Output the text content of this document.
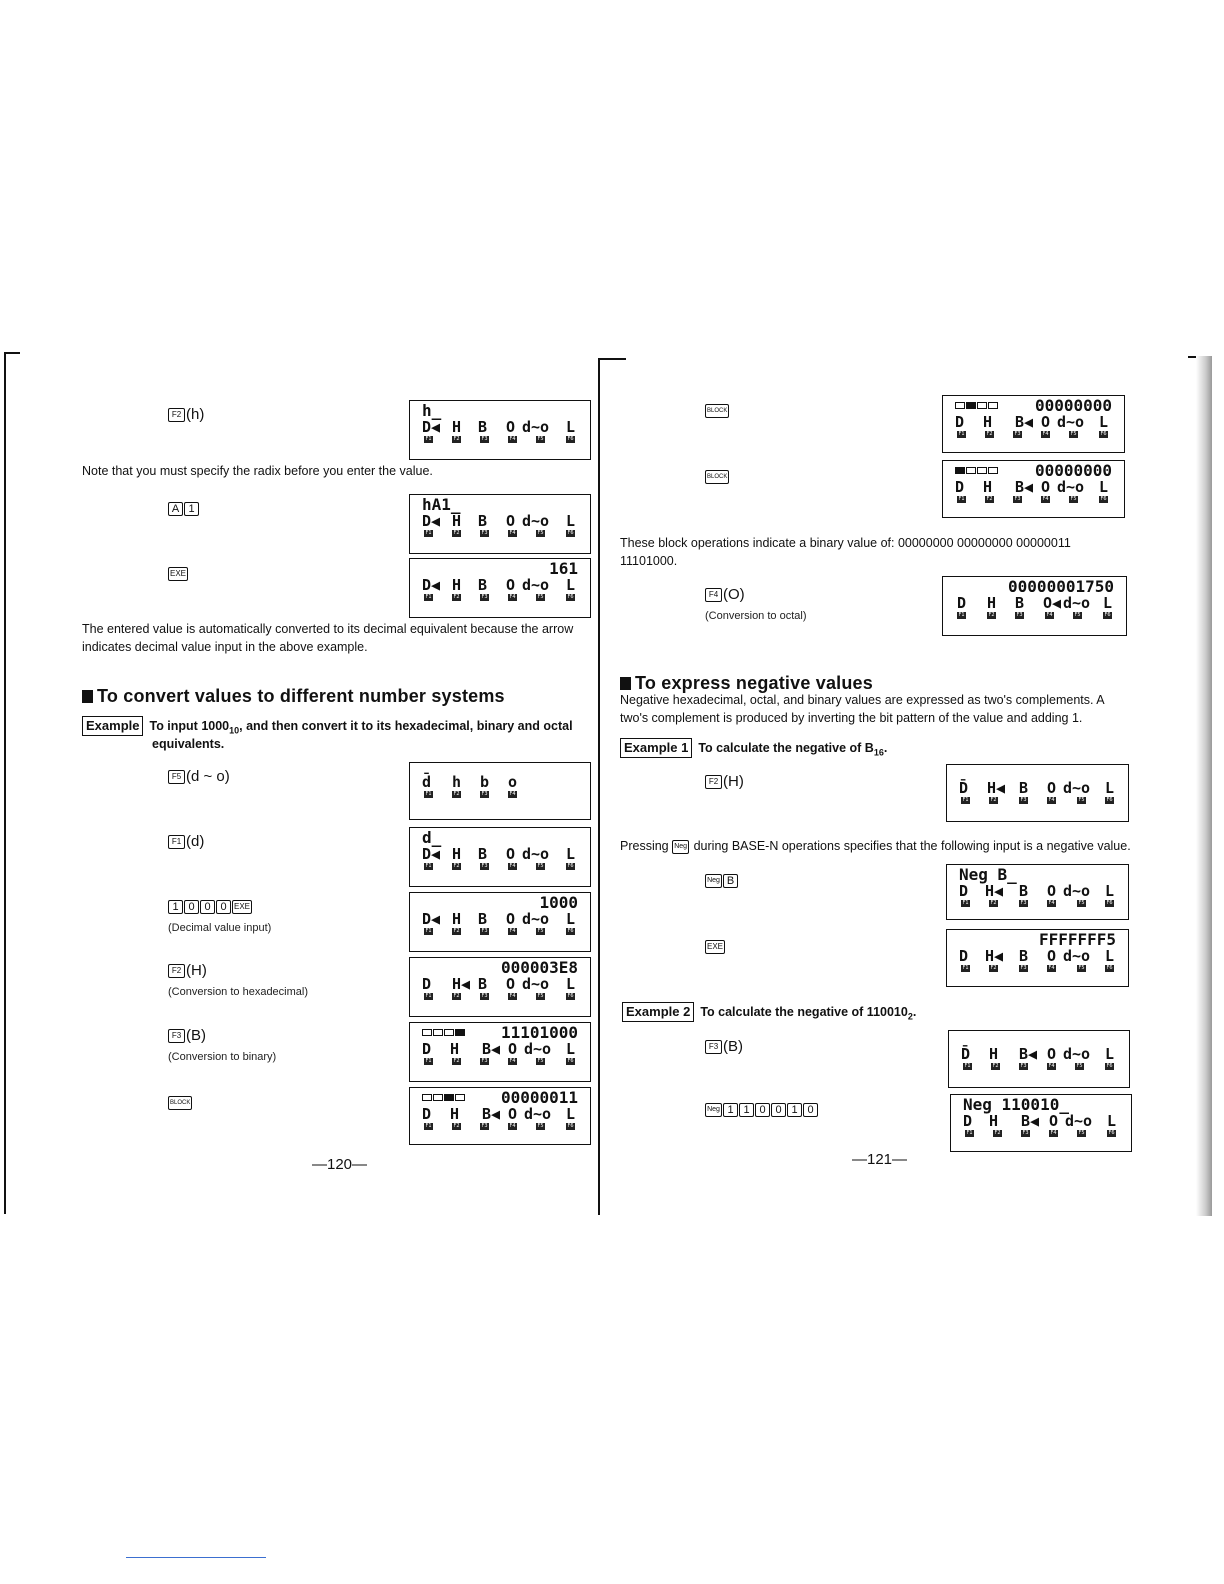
F2 (h)	h_
D◀ H B O d~o L
F1	F2	F3	F4	F5	F6
Note that you must specify the radix before you enter the value.
A 1	hA1_
D◀ H B O d~o L
F1	F2	F3	F4	F5	F6
EXE	161
D◀ H B O d~o L
F1	F2	F3	F4	F5	F6
The entered value is automatically converted to its decimal equivalent because the arrow indicates decimal value input in the above example.
To convert values to different number systems
Example To input $1000_{10}$, and then convert it to its hexadecimal, binary and octal
equivalents.
F5 (d ~ o)	d̄ h b o
F1	F2	F3	F4
F1 (d)	d_
D◀ H B O d~o L
F1	F2	F3	F4	F5	F6
1 0 0 0 EXE
(Decimal value input)
1000
D◀ H B O d~o L
F1	F2	F3	F4	F5	F6
F2 (H)
(Conversion to hexadecimal)
000003E8
D H◀ B O d~o L
F1	F2	F3	F4	F5	F6
F3 (B)
(Conversion to binary)
11101000
D H B◀ O d~o L
F1	F2	F3	F4	F5	F6
BLOCK	00000011
D H B◀ O d~o L
F1	F2	F3	F4	F5	F6
—120—
BLOCK	00000000
D H B◀ O d~o L
F1	F2	F3	F4	F5	F6
BLOCK	00000000
D H B◀ O d~o L
F1	F2	F3	F4	F5	F6
These block operations indicate a binary value of: 00000000 00000000 00000011 11101000.
F4 (O)
(Conversion to octal)
00000001750
D H B O◀ d~o L
F1	F2	F3	F4	F5	F6
To express negative values
Negative hexadecimal, octal, and binary values are expressed as two's complements. A two's complement is produced by inverting the bit pattern of the value and adding 1.
Example 1 To calculate the negative of $B_{16}$.
F2 (H)	D̄ H◀ B O d~o L
F1	F2	F3	F4	F5	F6
Pressing Neg during BASE-N operations specifies that the following input is a negative value.
Neg B	Neg B_
D H◀ B O d~o L
F1	F2	F3	F4	F5	F6
EXE	FFFFFFF5
D H◀ B O d~o L
F1	F2	F3	F4	F5	F6
Example 2 To calculate the negative of $110010_2$.
F3 (B)	D̄ H B◀ O d~o L
F1	F2	F3	F4	F5	F6
Neg 1 1 0 0 1 0	Neg 110010_
D H B◀ O d~o L
F1	F2	F3	F4	F5	F6
—121—
